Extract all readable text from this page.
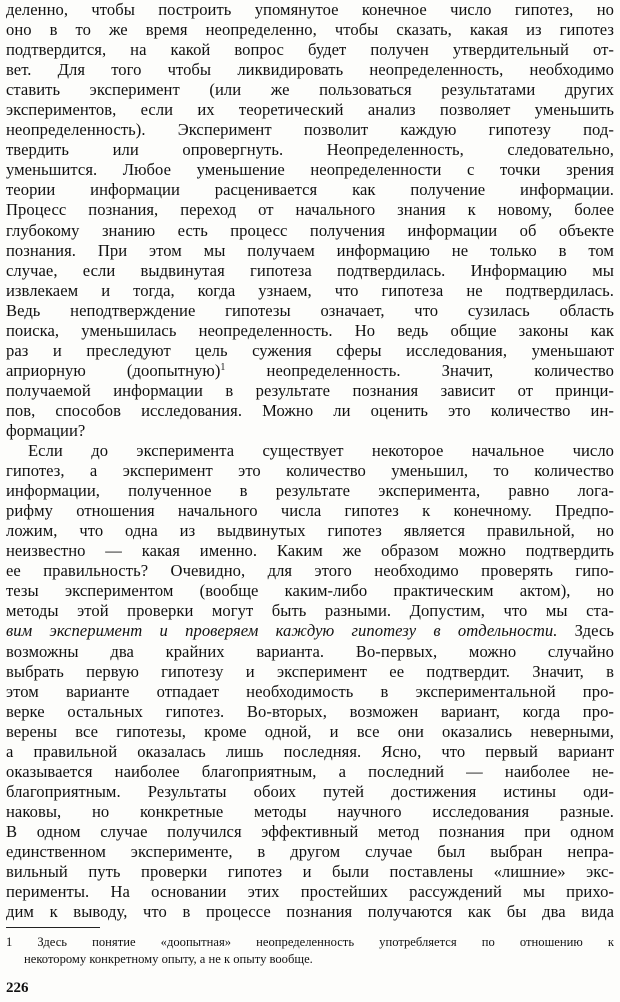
деленно, чтобы построить упомянутое конечное число гипотез, но
оно в то же время неопределенно, чтобы сказать, какая из гипотез
подтвердится, на какой вопрос будет получен утвердительный от-
вет. Для того чтобы ликвидировать неопределенность, необходимо
ставить эксперимент (или же пользоваться результатами других
экспериментов, если их теоретический анализ позволяет уменьшить
неопределенность). Эксперимент позволит каждую гипотезу под-
твердить или опровергнуть. Неопределенность, следовательно,
уменьшится. Любое уменьшение неопределенности с точки зрения
теории информации расценивается как получение информации.
Процесс познания, переход от начального знания к новому, более
глубокому знанию есть процесс получения информации об объекте
познания. При этом мы получаем информацию не только в том
случае, если выдвинутая гипотеза подтвердилась. Информацию мы
извлекаем и тогда, когда узнаем, что гипотеза не подтвердилась.
Ведь неподтверждение гипотезы означает, что сузилась область
поиска, уменьшилась неопределенность. Но ведь общие законы как
раз и преследуют цель сужения сферы исследования, уменьшают
априорную (доопытную)$^1$ неопределенность. Значит, количество
получаемой информации в результате познания зависит от принци-
пов, способов исследования. Можно ли оценить это количество ин-
формации?
Если до эксперимента существует некоторое начальное число
гипотез, а эксперимент это количество уменьшил, то количество
информации, полученное в результате эксперимента, равно лога-
рифму отношения начального числа гипотез к конечному. Предпо-
ложим, что одна из выдвинутых гипотез является правильной, но
неизвестно — какая именно. Каким же образом можно подтвердить
ее правильность? Очевидно, для этого необходимо проверять гипо-
тезы экспериментом (вообще каким-либо практическим актом), но
методы этой проверки могут быть разными. Допустим, что мы ста-
вим эксперимент и проверяем каждую гипотезу в отдельности. Здесь
возможны два крайних варианта. Во-первых, можно случайно
выбрать первую гипотезу и эксперимент ее подтвердит. Значит, в
этом варианте отпадает необходимость в экспериментальной про-
верке остальных гипотез. Во-вторых, возможен вариант, когда про-
верены все гипотезы, кроме одной, и все они оказались неверными,
а правильной оказалась лишь последняя. Ясно, что первый вариант
оказывается наиболее благоприятным, а последний — наиболее не-
благоприятным. Результаты обоих путей достижения истины оди-
наковы, но конкретные методы научного исследования разные.
В одном случае получился эффективный метод познания при одном
единственном эксперименте, в другом случае был выбран непра-
вильный путь проверки гипотез и были поставлены «лишние» экс-
перименты. На основании этих простейших рассуждений мы прихо-
дим к выводу, что в процессе познания получаются как бы два вида
1 Здесь понятие «доопытная» неопределенность употребляется по отношению к
некоторому конкретному опыту, а не к опыту вообще.
226
